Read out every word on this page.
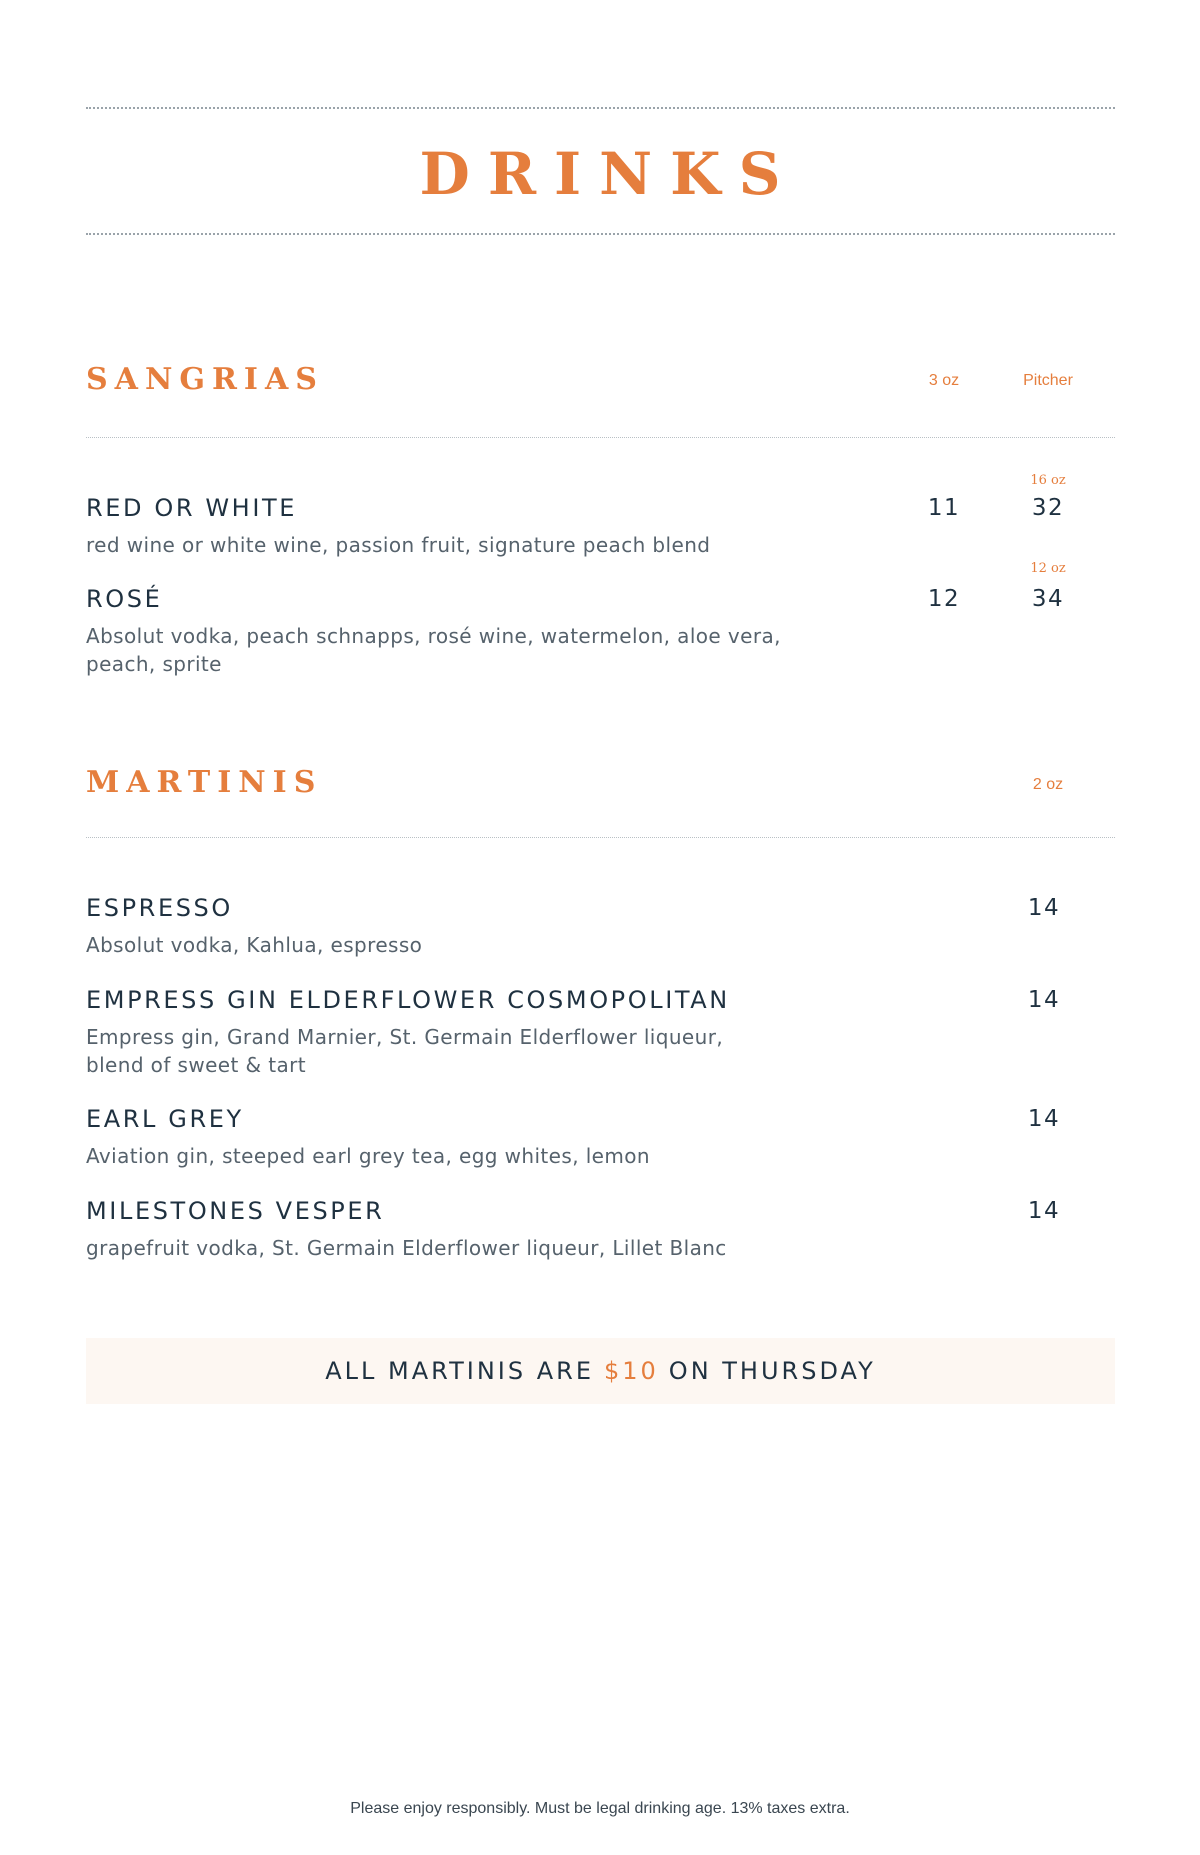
DRINKS
SANGRIAS	3 oz	Pitcher
16 oz
RED OR WHITE	11	32
red wine or white wine, passion fruit, signature peach blend
12 oz
ROSÉ	12	34
Absolut vodka, peach schnapps, rosé wine, watermelon, aloe vera, peach, sprite
MARTINIS	2 oz
ESPRESSO	14
Absolut vodka, Kahlua, espresso
EMPRESS GIN ELDERFLOWER COSMOPOLITAN	14
Empress gin, Grand Marnier, St. Germain Elderflower liqueur, blend of sweet & tart
EARL GREY	14
Aviation gin, steeped earl grey tea, egg whites, lemon
MILESTONES VESPER	14
grapefruit vodka, St. Germain Elderflower liqueur, Lillet Blanc
ALL MARTINIS ARE $10 ON THURSDAY
Please enjoy responsibly. Must be legal drinking age. 13% taxes extra.
